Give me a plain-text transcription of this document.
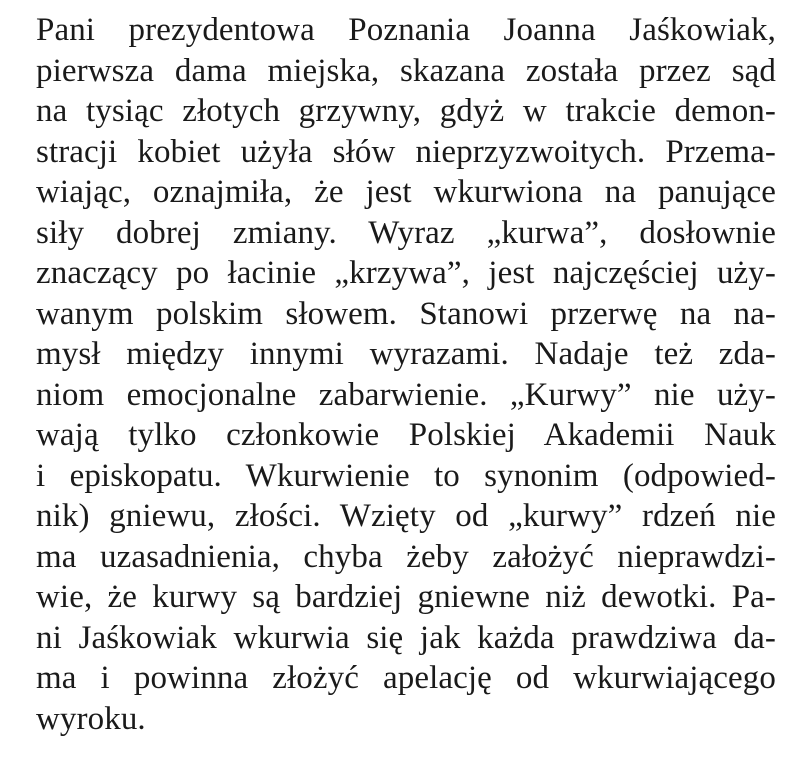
Pani prezydentowa Poznania Joanna Jaśkowiak,
pierwsza dama miejska, skazana została przez sąd
na tysiąc złotych grzywny, gdyż w trakcie demon-
stracji kobiet użyła słów nieprzyzwoitych. Przema-
wiając, oznajmiła, że jest wkurwiona na panujące
siły dobrej zmiany. Wyraz „kurwa”, dosłownie
znaczący po łacinie „krzywa”, jest najczęściej uży-
wanym polskim słowem. Stanowi przerwę na na-
mysł między innymi wyrazami. Nadaje też zda-
niom emocjonalne zabarwienie. „Kurwy” nie uży-
wają tylko członkowie Polskiej Akademii Nauk
i episkopatu. Wkurwienie to synonim (odpowied-
nik) gniewu, złości. Wzięty od „kurwy” rdzeń nie
ma uzasadnienia, chyba żeby założyć nieprawdzi-
wie, że kurwy są bardziej gniewne niż dewotki. Pa-
ni Jaśkowiak wkurwia się jak każda prawdziwa da-
ma i powinna złożyć apelację od wkurwiającego
wyroku.
